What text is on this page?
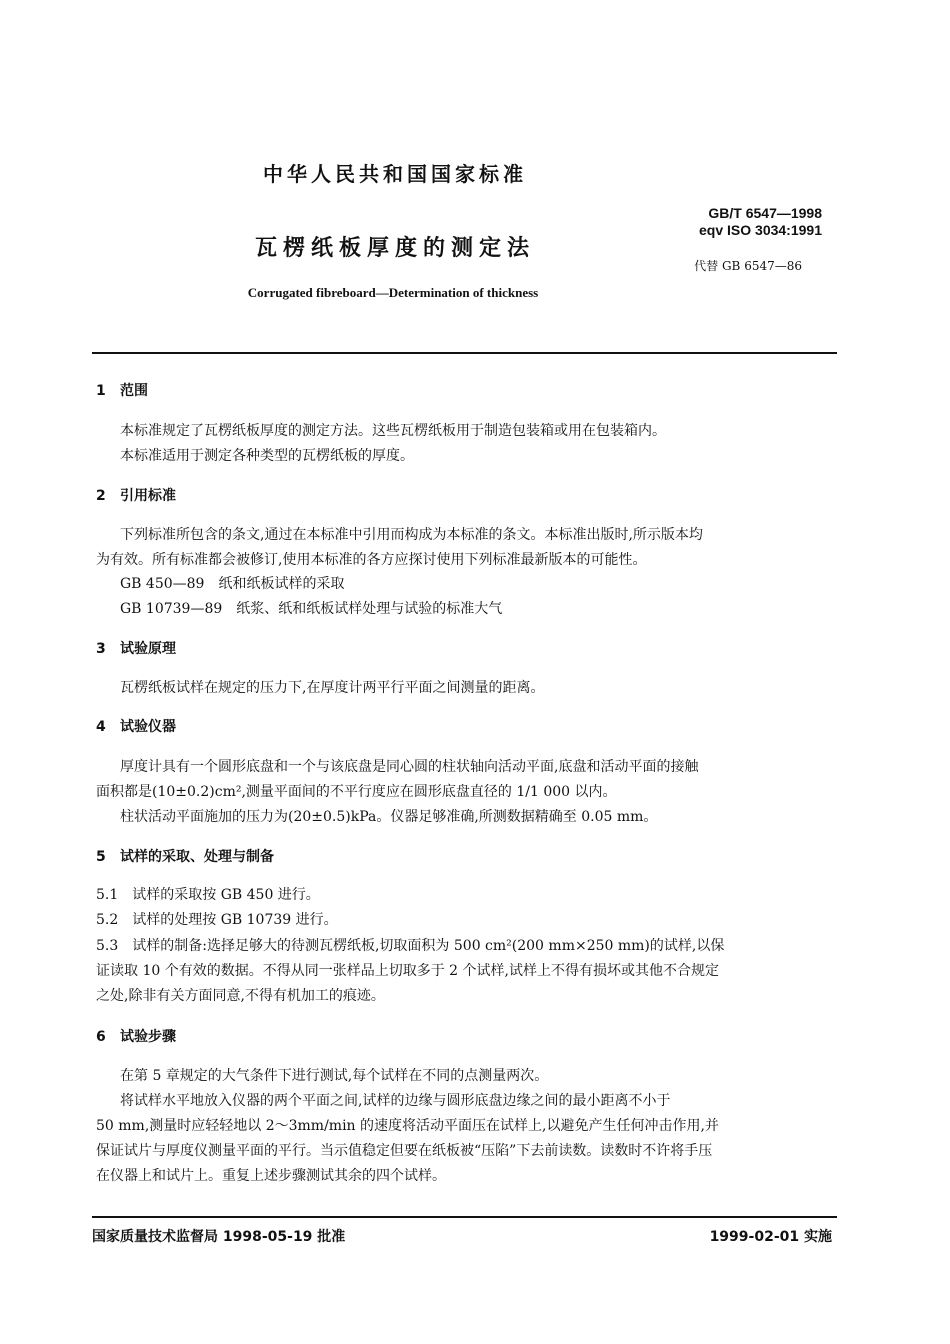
中华人民共和国国家标准
GB/T 6547—1998
eqv ISO 3034:1991
瓦楞纸板厚度的测定法
代替 GB 6547—86
Corrugated fibreboard—Determination of thickness
1 范围
本标准规定了瓦楞纸板厚度的测定方法。这些瓦楞纸板用于制造包装箱或用在包装箱内。
本标准适用于测定各种类型的瓦楞纸板的厚度。
2 引用标准
下列标准所包含的条文,通过在本标准中引用而构成为本标准的条文。本标准出版时,所示版本均
为有效。所有标准都会被修订,使用本标准的各方应探讨使用下列标准最新版本的可能性。
GB 450—89　纸和纸板试样的采取
GB 10739—89　纸浆、纸和纸板试样处理与试验的标准大气
3 试验原理
瓦楞纸板试样在规定的压力下,在厚度计两平行平面之间测量的距离。
4 试验仪器
厚度计具有一个圆形底盘和一个与该底盘是同心圆的柱状轴向活动平面,底盘和活动平面的接触
面积都是(10±0.2)cm²,测量平面间的不平行度应在圆形底盘直径的 1/1 000 以内。
柱状活动平面施加的压力为(20±0.5)kPa。仪器足够准确,所测数据精确至 0.05 mm。
5 试样的采取、处理与制备
5.1　试样的采取按 GB 450 进行。
5.2　试样的处理按 GB 10739 进行。
5.3　试样的制备:选择足够大的待测瓦楞纸板,切取面积为 500 cm²(200 mm×250 mm)的试样,以保
证读取 10 个有效的数据。不得从同一张样品上切取多于 2 个试样,试样上不得有损坏或其他不合规定
之处,除非有关方面同意,不得有机加工的痕迹。
6 试验步骤
在第 5 章规定的大气条件下进行测试,每个试样在不同的点测量两次。
将试样水平地放入仪器的两个平面之间,试样的边缘与圆形底盘边缘之间的最小距离不小于
50 mm,测量时应轻轻地以 2～3mm/min 的速度将活动平面压在试样上,以避免产生任何冲击作用,并
保证试片与厚度仪测量平面的平行。当示值稳定但要在纸板被“压陷”下去前读数。读数时不许将手压
在仪器上和试片上。重复上述步骤测试其余的四个试样。
国家质量技术监督局 1998-05-19 批准	1999-02-01 实施
